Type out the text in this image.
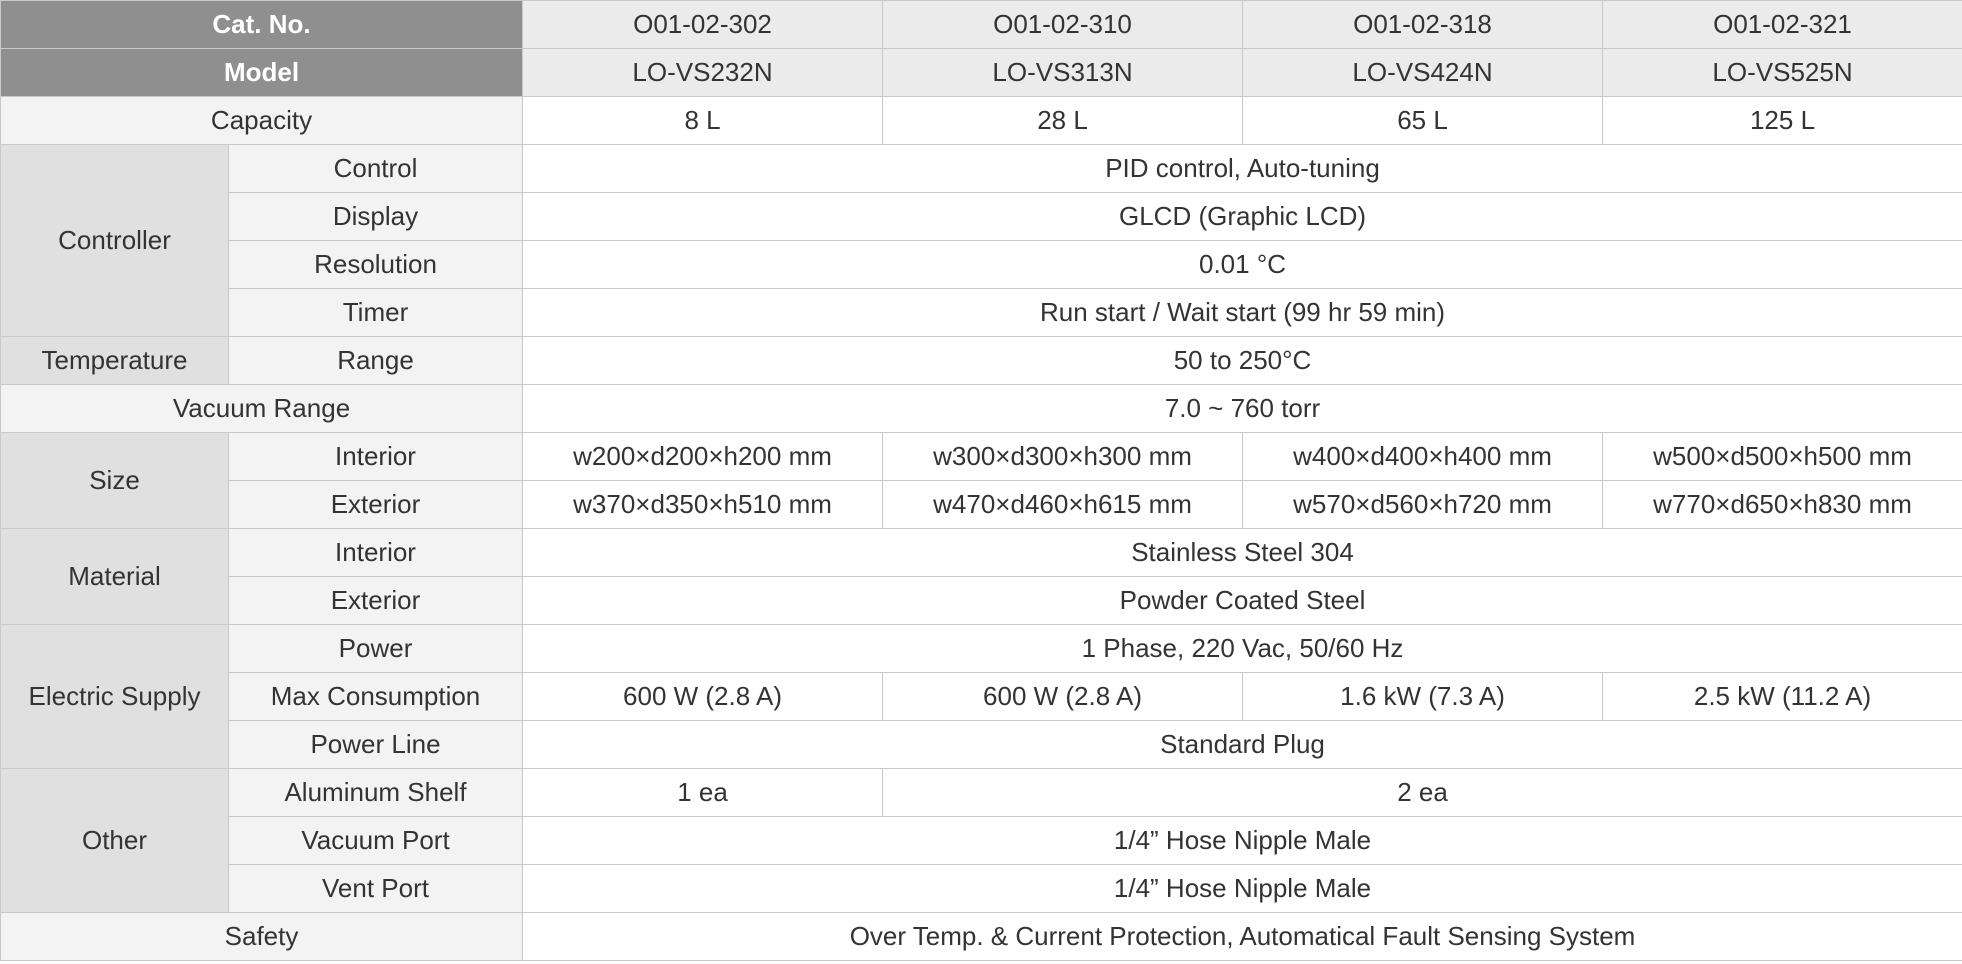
Cat. No.		O01-02-302	O01-02-310	O01-02-318	O01-02-321
Model		LO-VS232N	LO-VS313N	LO-VS424N	LO-VS525N
Capacity		8 L	28 L	65 L	125 L
Controller	Control	PID control, Auto-tuning			
	Display	GLCD (Graphic LCD)			
	Resolution	0.01 °C			
	Timer	Run start / Wait start (99 hr 59 min)			
Temperature	Range	50 to 250°C			
Vacuum Range		7.0 ~ 760 torr			
Size	Interior	w200×d200×h200 mm	w300×d300×h300 mm	w400×d400×h400 mm	w500×d500×h500 mm
	Exterior	w370×d350×h510 mm	w470×d460×h615 mm	w570×d560×h720 mm	w770×d650×h830 mm
Material	Interior	Stainless Steel 304			
	Exterior	Powder Coated Steel			
Electric Supply	Power	1 Phase, 220 Vac, 50/60 Hz			
	Max Consumption	600 W (2.8 A)	600 W (2.8 A)	1.6 kW (7.3 A)	2.5 kW (11.2 A)
	Power Line	Standard Plug			
Other	Aluminum Shelf	1 ea	2 ea		
	Vacuum Port	1/4” Hose Nipple Male			
	Vent Port	1/4” Hose Nipple Male			
Safety		Over Temp. & Current Protection, Automatical Fault Sensing System			
